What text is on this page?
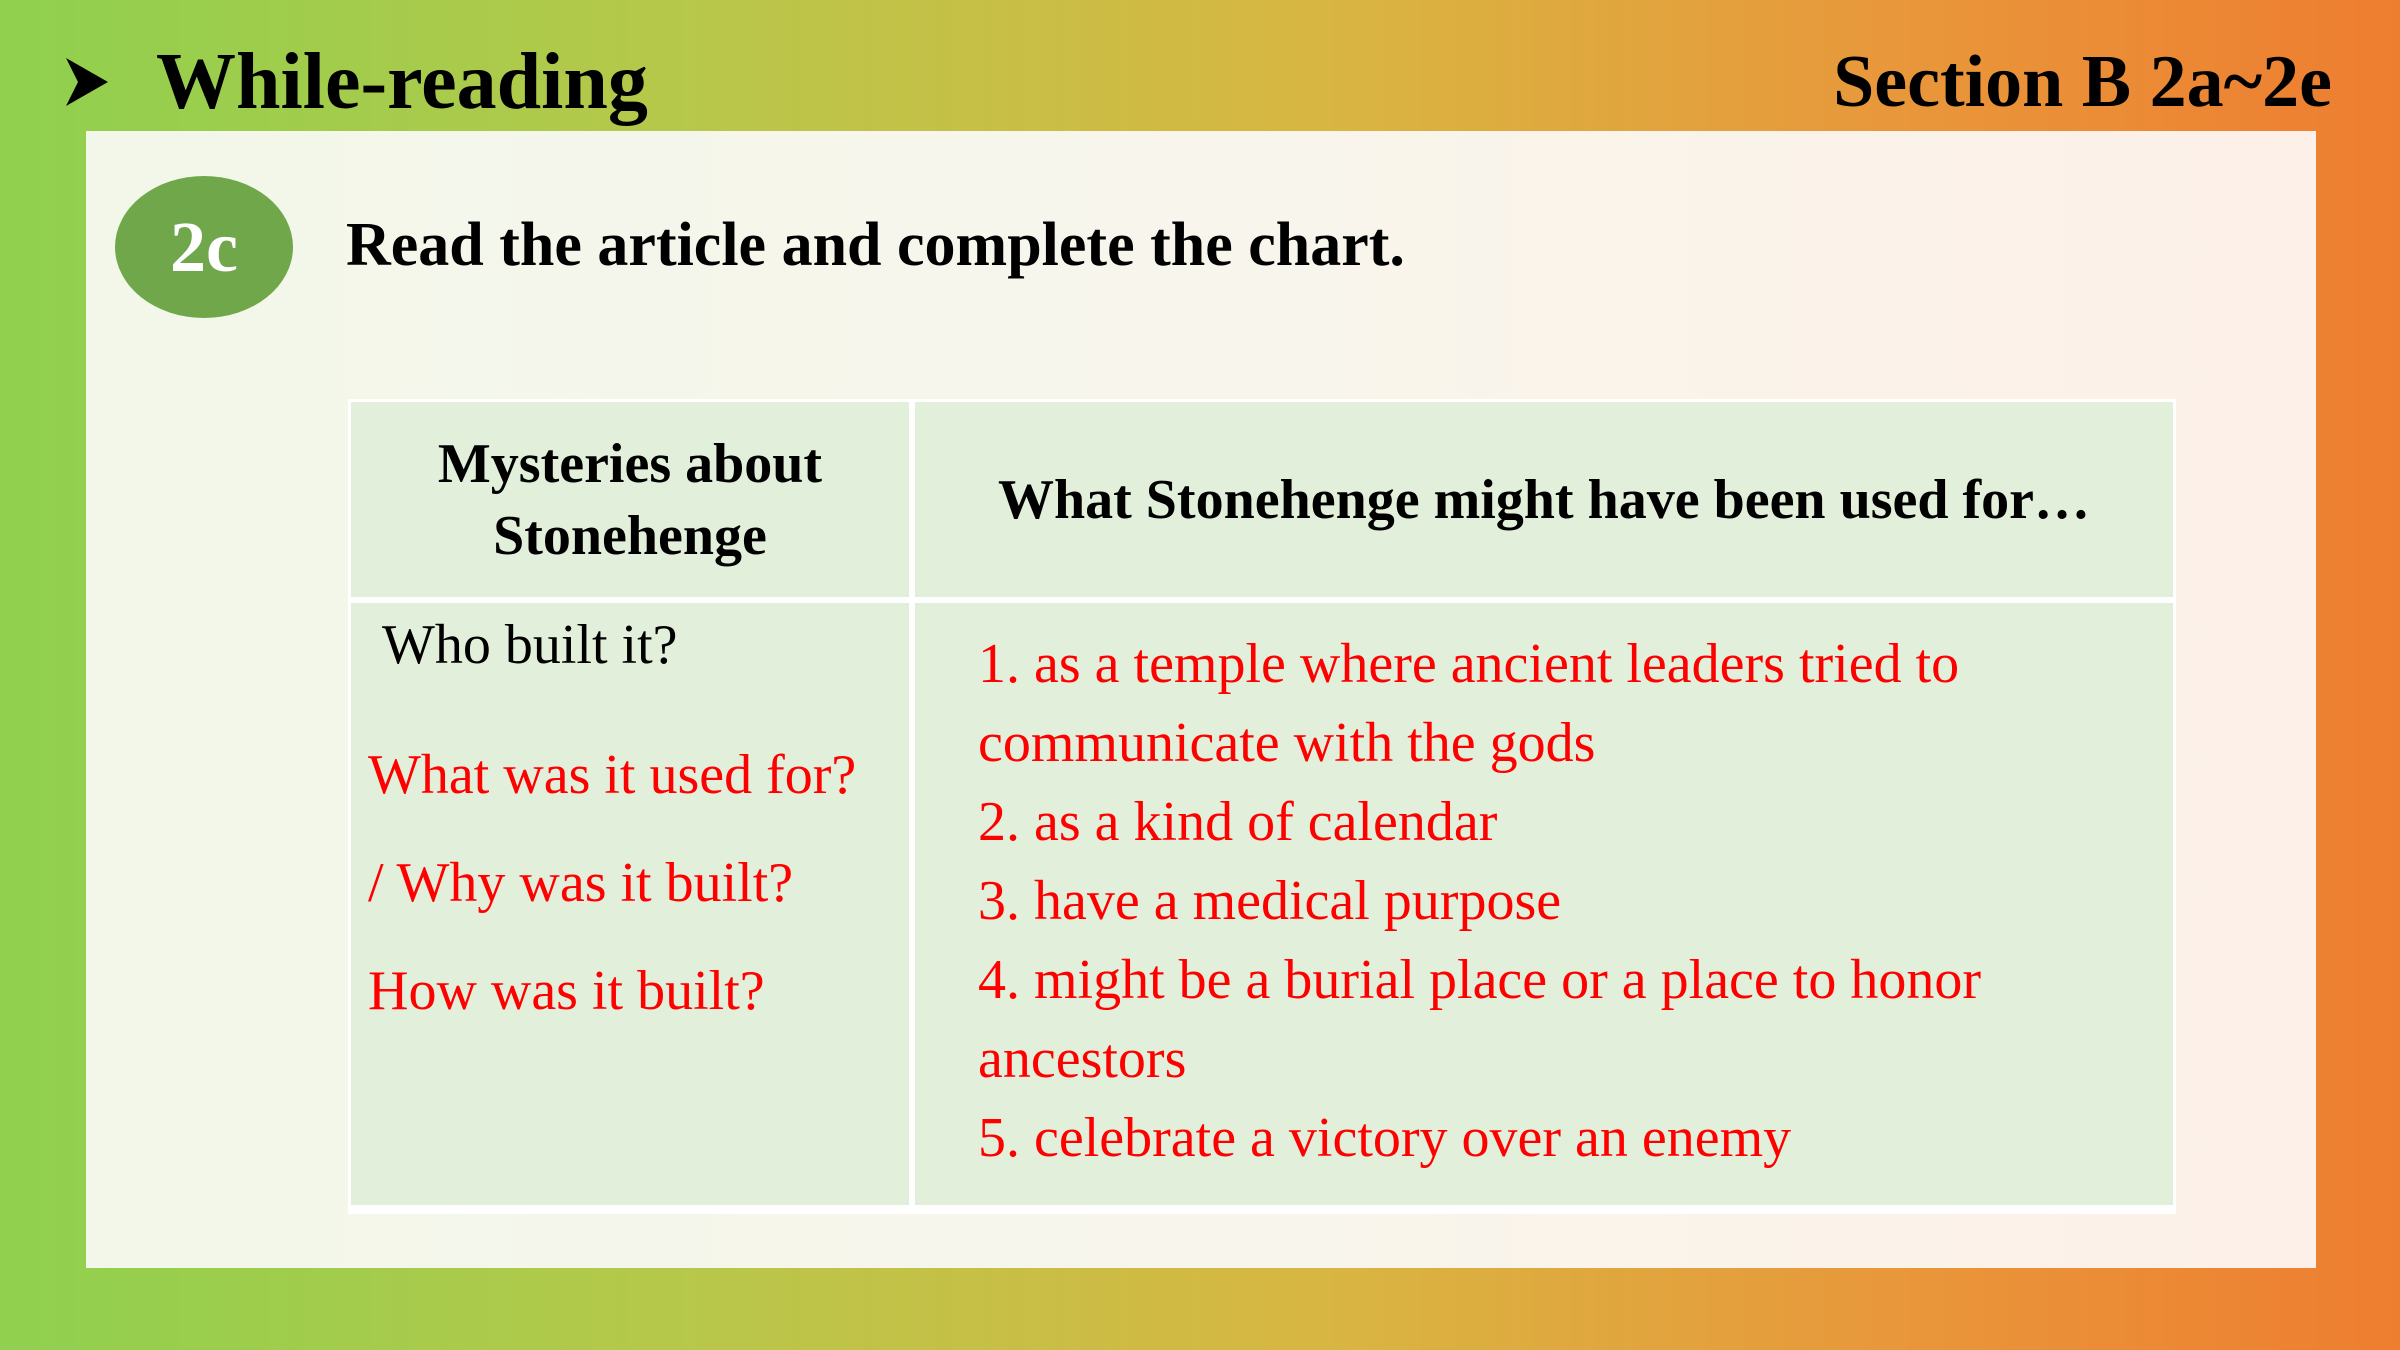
While-reading	Section B 2a~2e
2c	Read the article and complete the chart.
Mysteries about Stonehenge
What Stonehenge might have been used for…
Who built it?
What was it used for?
/ Why was it built?
How was it built?
1. as a temple where ancient leaders tried to communicate with the gods
2. as a kind of calendar
3. have a medical purpose
4. might be a burial place or a place to honor ancestors
5. celebrate a victory over an enemy
